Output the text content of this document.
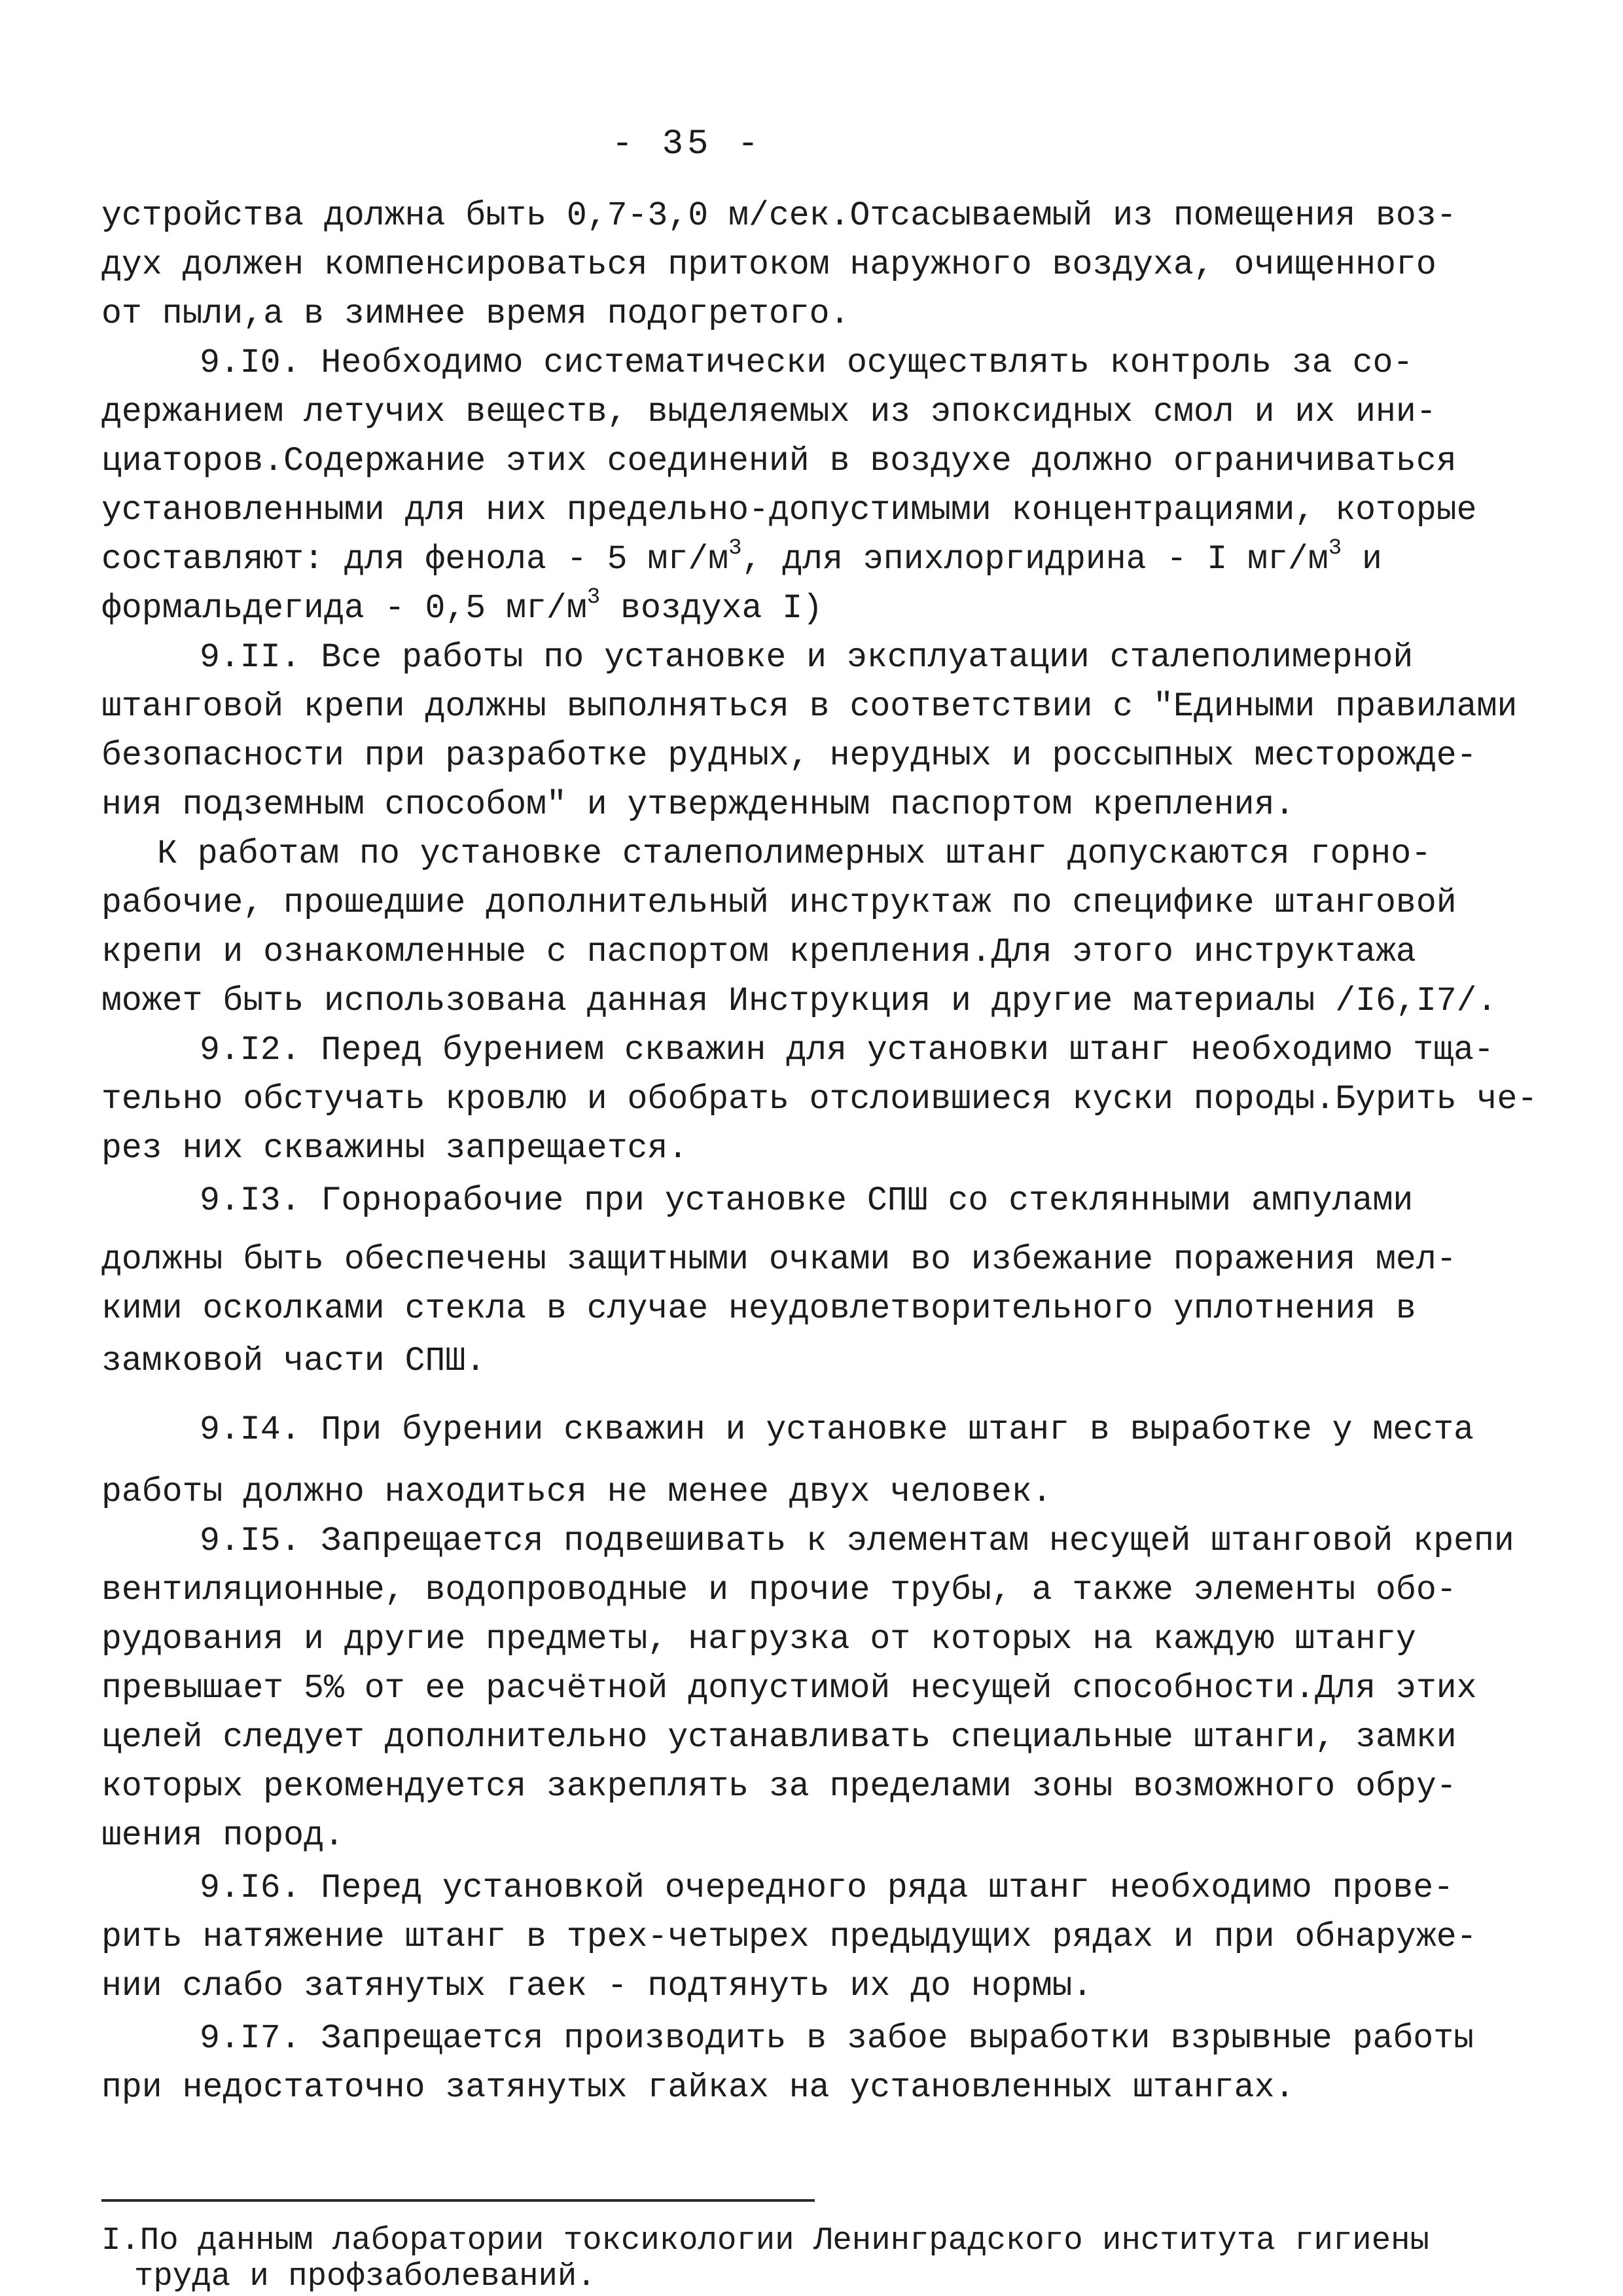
- 35 -
устройства должна быть 0,7-3,0 м/сек.Отсасываемый из помещения воз-
дух должен компенсироваться притоком наружного воздуха, очищенного
от пыли,а в зимнее время подогретого.
9.I0. Необходимо систематически осуществлять контроль за со-
держанием летучих веществ, выделяемых из эпоксидных смол и их ини-
циаторов.Содержание этих соединений в воздухе должно ограничиваться
установленными для них предельно-допустимыми концентрациями, которые
составляют: для фенола - 5 $мг/м^3$, для эпихлоргидрина - I $мг/м^3$ и
формальдегида - 0,5 $мг/м^3$ воздуха I)
9.II. Все работы по установке и эксплуатации сталеполимерной
штанговой крепи должны выполняться в соответствии с "Едиными правилами
безопасности при разработке рудных, нерудных и россыпных месторожде-
ния подземным способом" и утвержденным паспортом крепления.
К работам по установке сталеполимерных штанг допускаются горно-
рабочие, прошедшие дополнительный инструктаж по специфике штанговой
крепи и ознакомленные с паспортом крепления.Для этого инструктажа
может быть использована данная Инструкция и другие материалы /I6,I7/.
9.I2. Перед бурением скважин для установки штанг необходимо тща-
тельно обстучать кровлю и обобрать отслоившиеся куски породы.Бурить че-
рез них скважины запрещается.
9.I3. Горнорабочие при установке СПШ со стеклянными ампулами
должны быть обеспечены защитными очками во избежание поражения мел-
кими осколками стекла в случае неудовлетворительного уплотнения в
замковой части СПШ.
9.I4. При бурении скважин и установке штанг в выработке у места
работы должно находиться не менее двух человек.
9.I5. Запрещается подвешивать к элементам несущей штанговой крепи
вентиляционные, водопроводные и прочие трубы, а также элементы обо-
рудования и другие предметы, нагрузка от которых на каждую штангу
превышает 5% от ее расчётной допустимой несущей способности.Для этих
целей следует дополнительно устанавливать специальные штанги, замки
которых рекомендуется закреплять за пределами зоны возможного обру-
шения пород.
9.I6. Перед установкой очередного ряда штанг необходимо прове-
рить натяжение штанг в трех-четырех предыдущих рядах и при обнаруже-
нии слабо затянутых гаек - подтянуть их до нормы.
9.I7. Запрещается производить в забое выработки взрывные работы
при недостаточно затянутых гайках на установленных штангах.
I.По данным лаборатории токсикологии Ленинградского института гигиены
труда и профзаболеваний.
